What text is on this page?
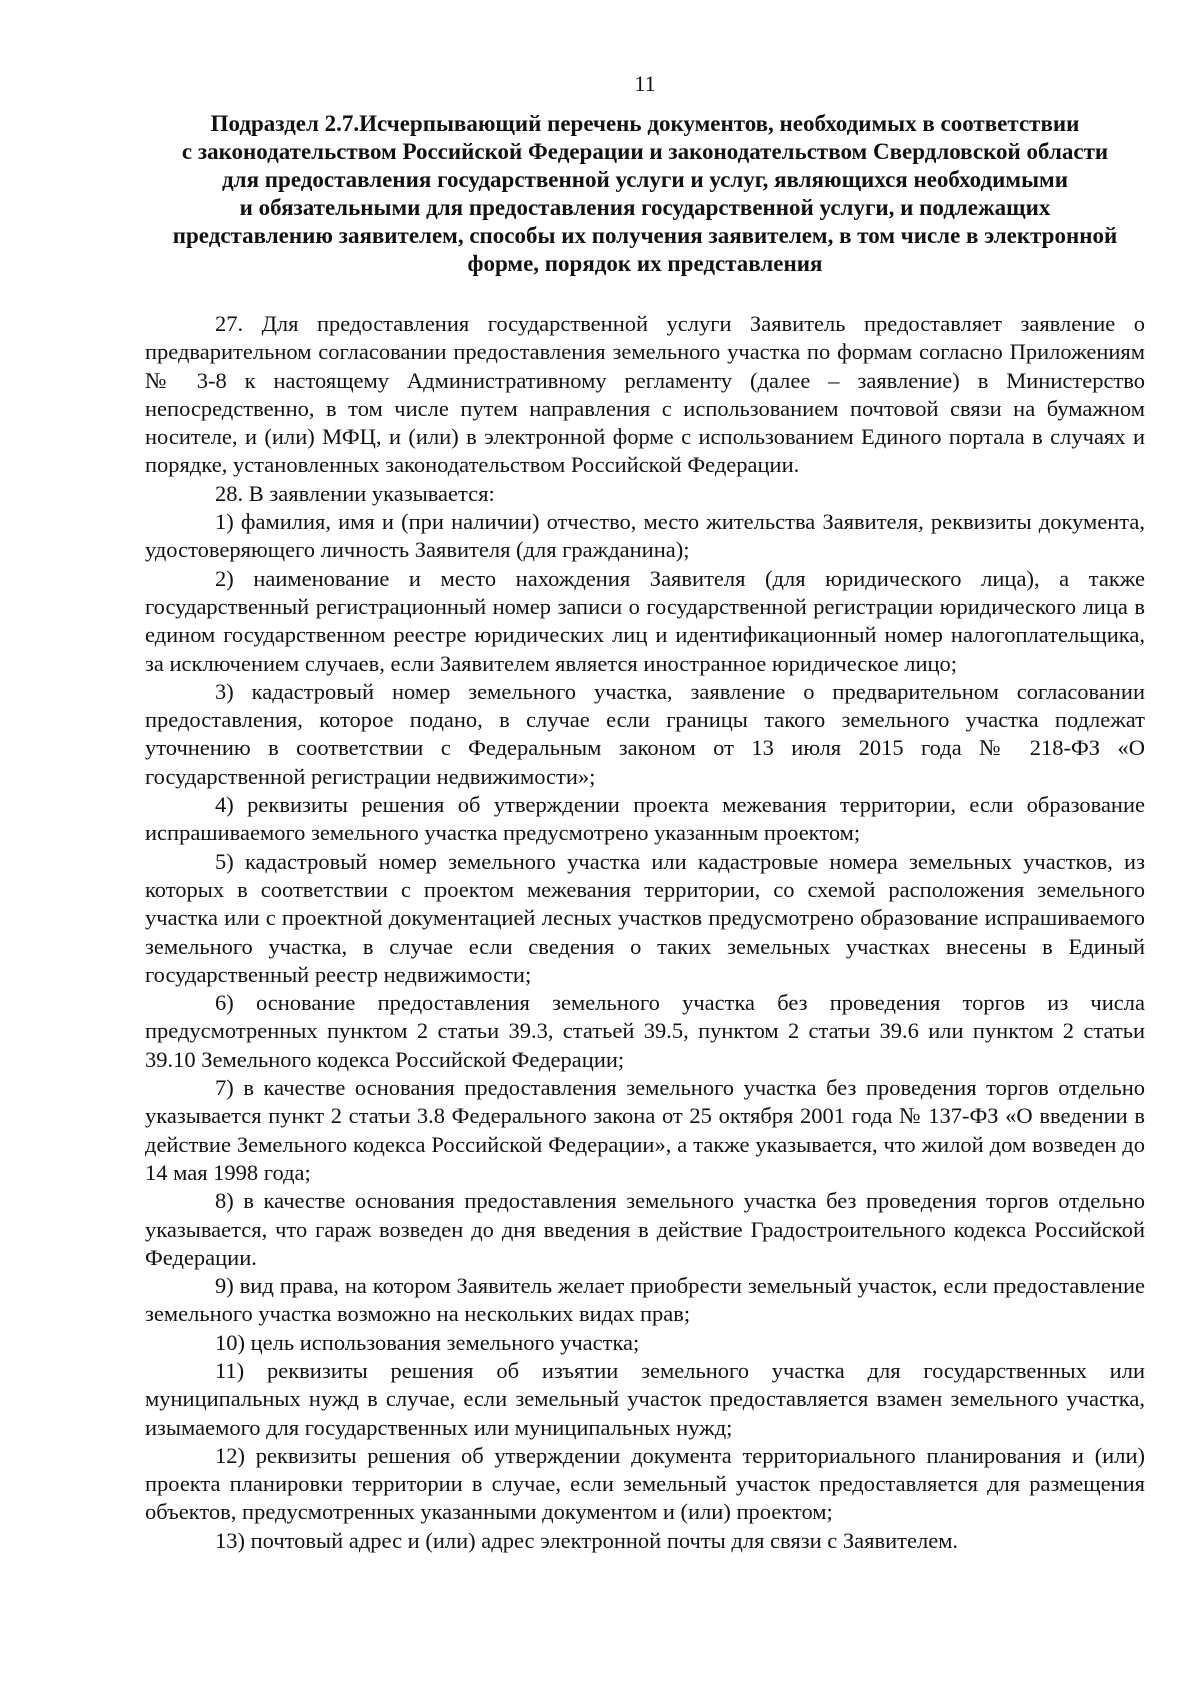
11
Подраздел 2.7.Исчерпывающий перечень документов, необходимых в соответствии
с законодательством Российской Федерации и законодательством Свердловской области
для предоставления государственной услуги и услуг, являющихся необходимыми
и обязательными для предоставления государственной услуги, и подлежащих
представлению заявителем, способы их получения заявителем, в том числе в электронной
форме, порядок их представления

27. Для предоставления государственной услуги Заявитель предоставляет заявление о предварительном согласовании предоставления земельного участка по формам согласно Приложениям № 3-8 к настоящему Административному регламенту (далее – заявление) в Министерство непосредственно, в том числе путем направления с использованием почтовой связи на бумажном носителе, и (или) МФЦ, и (или) в электронной форме с использованием Единого портала в случаях и порядке, установленных законодательством Российской Федерации.

28. В заявлении указывается:

1) фамилия, имя и (при наличии) отчество, место жительства Заявителя, реквизиты документа, удостоверяющего личность Заявителя (для гражданина);

2) наименование и место нахождения Заявителя (для юридического лица), а также государственный регистрационный номер записи о государственной регистрации юридического лица в едином государственном реестре юридических лиц и идентификационный номер налогоплательщика, за исключением случаев, если Заявителем является иностранное юридическое лицо;

3) кадастровый номер земельного участка, заявление о предварительном согласовании предоставления, которое подано, в случае если границы такого земельного участка подлежат уточнению в соответствии с Федеральным законом от 13 июля 2015 года № 218-ФЗ «О государственной регистрации недвижимости»;

4) реквизиты решения об утверждении проекта межевания территории, если образование испрашиваемого земельного участка предусмотрено указанным проектом;

5) кадастровый номер земельного участка или кадастровые номера земельных участков, из которых в соответствии с проектом межевания территории, со схемой расположения земельного участка или с проектной документацией лесных участков предусмотрено образование испрашиваемого земельного участка, в случае если сведения о таких земельных участках внесены в Единый государственный реестр недвижимости;

6) основание предоставления земельного участка без проведения торгов из числа предусмотренных пунктом 2 статьи 39.3, статьей 39.5, пунктом 2 статьи 39.6 или пунктом 2 статьи 39.10 Земельного кодекса Российской Федерации;

7) в качестве основания предоставления земельного участка без проведения торгов отдельно указывается пункт 2 статьи 3.8 Федерального закона от 25 октября 2001 года № 137-ФЗ «О введении в действие Земельного кодекса Российской Федерации», а также указывается, что жилой дом возведен до 14 мая 1998 года;

8) в качестве основания предоставления земельного участка без проведения торгов отдельно указывается, что гараж возведен до дня введения в действие Градостроительного кодекса Российской Федерации.

9) вид права, на котором Заявитель желает приобрести земельный участок, если предоставление земельного участка возможно на нескольких видах прав;

10) цель использования земельного участка;

11) реквизиты решения об изъятии земельного участка для государственных или муниципальных нужд в случае, если земельный участок предоставляется взамен земельного участка, изымаемого для государственных или муниципальных нужд;

12) реквизиты решения об утверждении документа территориального планирования и (или) проекта планировки территории в случае, если земельный участок предоставляется для размещения объектов, предусмотренных указанными документом и (или) проектом;

13) почтовый адрес и (или) адрес электронной почты для связи с Заявителем.
